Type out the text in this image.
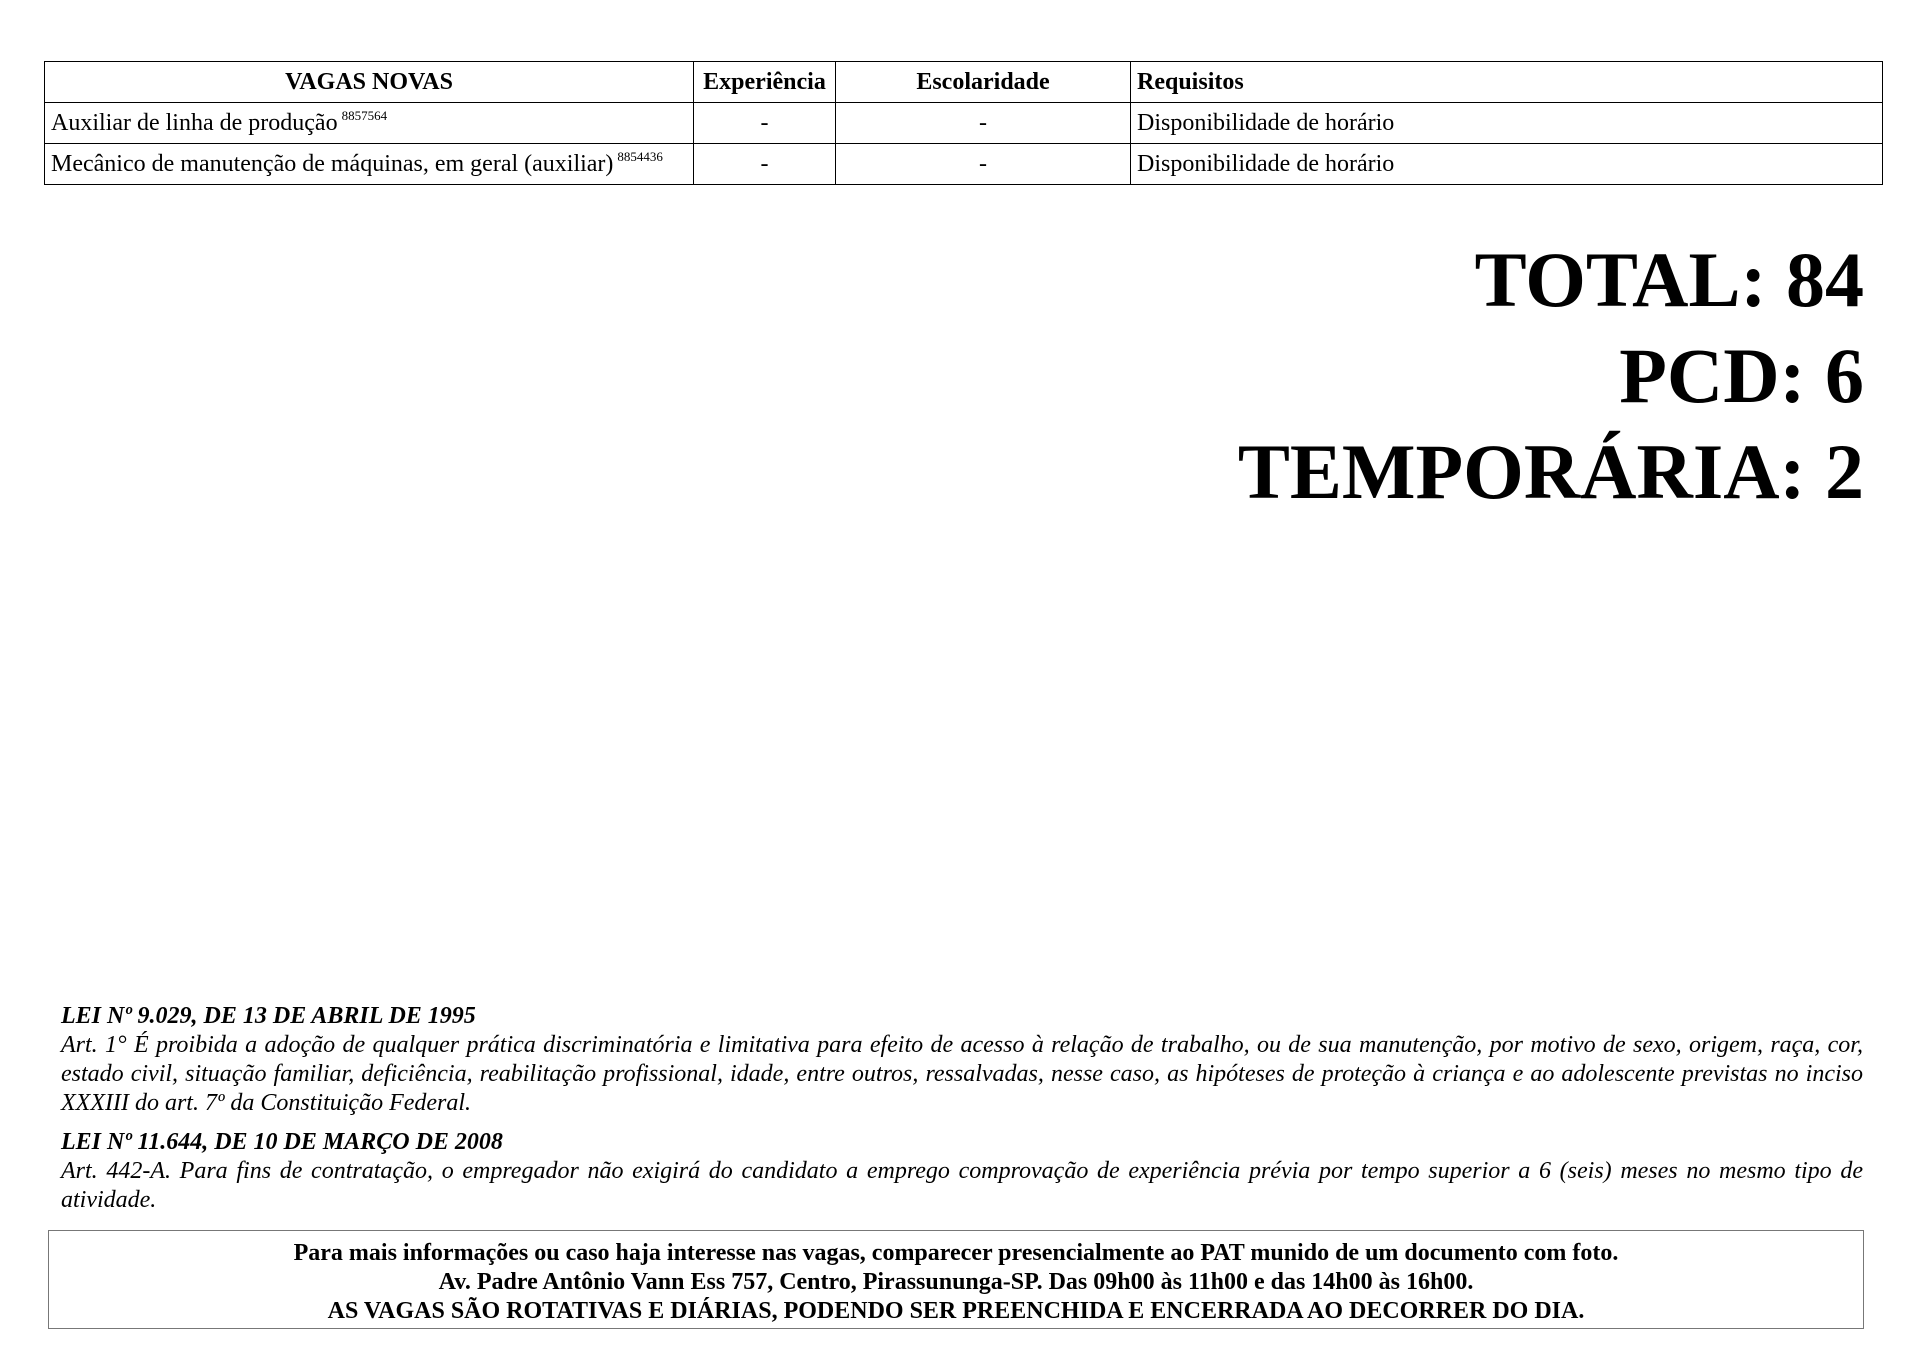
VAGAS NOVAS	Experiência	Escolaridade	Requisitos
Auxiliar de linha de produção $^{8857564}$	-	-	Disponibilidade de horário
Mecânico de manutenção de máquinas, em geral (auxiliar) $^{8854436}$	-	-	Disponibilidade de horário
TOTAL: 84
PCD: 6
TEMPORÁRIA: 2
LEI Nº 9.029, DE 13 DE ABRIL DE 1995
Art. 1° É proibida a adoção de qualquer prática discriminatória e limitativa para efeito de acesso à relação de trabalho, ou de sua manutenção, por motivo de sexo, origem, raça, cor, estado civil, situação familiar, deficiência, reabilitação profissional, idade, entre outros, ressalvadas, nesse caso, as hipóteses de proteção à criança e ao adolescente previstas no inciso XXXIII do art. 7º da Constituição Federal.
LEI Nº 11.644, DE 10 DE MARÇO DE 2008
Art. 442-A. Para fins de contratação, o empregador não exigirá do candidato a emprego comprovação de experiência prévia por tempo superior a 6 (seis) meses no mesmo tipo de atividade.
Para mais informações ou caso haja interesse nas vagas, comparecer presencialmente ao PAT munido de um documento com foto.
Av. Padre Antônio Vann Ess 757, Centro, Pirassununga-SP. Das 09h00 às 11h00 e das 14h00 às 16h00.
AS VAGAS SÃO ROTATIVAS E DIÁRIAS, PODENDO SER PREENCHIDA E ENCERRADA AO DECORRER DO DIA.
